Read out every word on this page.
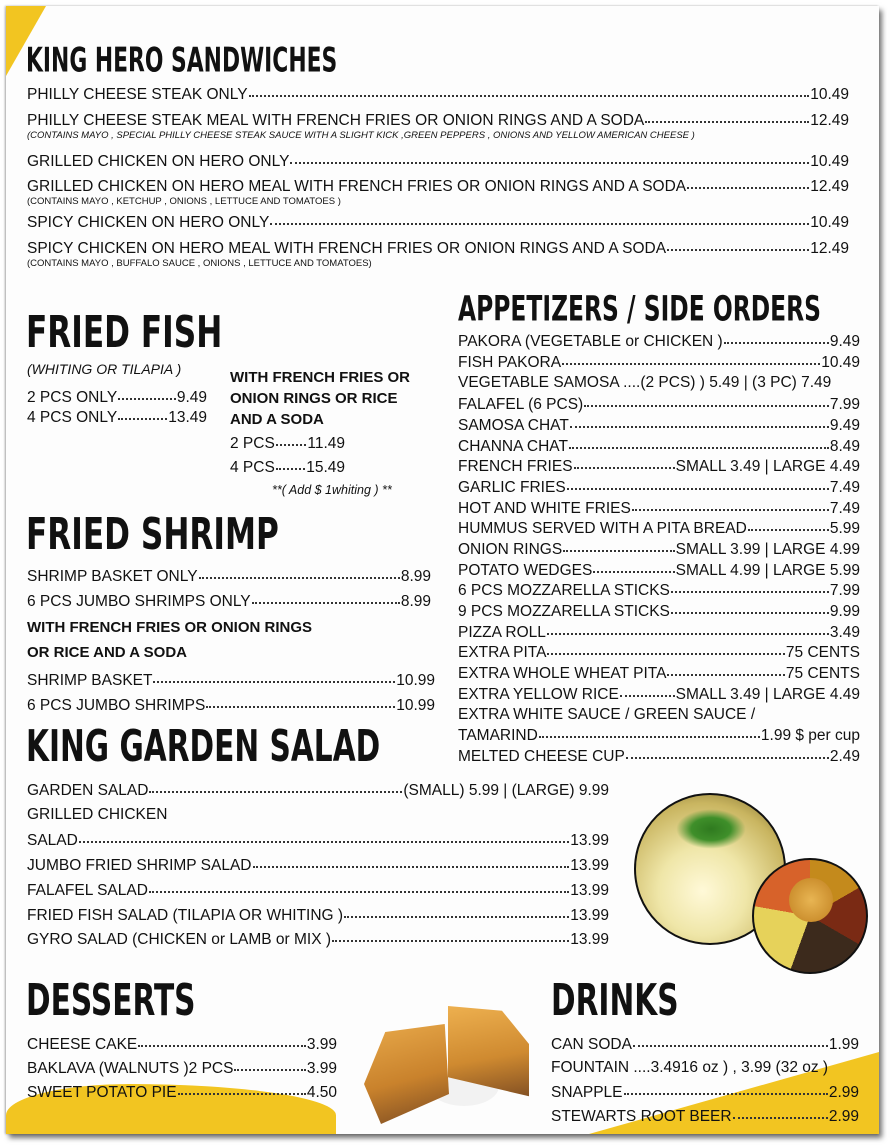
KING HERO SANDWICHES
PHILLY CHEESE STEAK ONLY	10.49
PHILLY CHEESE STEAK MEAL WITH FRENCH FRIES OR ONION RINGS AND A SODA	12.49
(CONTAINS MAYO , SPECIAL PHILLY CHEESE STEAK SAUCE WITH A SLIGHT KICK ,GREEN PEPPERS , ONIONS AND YELLOW AMERICAN CHEESE )
GRILLED CHICKEN ON HERO ONLY	10.49
GRILLED CHICKEN ON HERO MEAL WITH FRENCH FRIES OR ONION RINGS AND A SODA	12.49
(CONTAINS MAYO , KETCHUP , ONIONS , LETTUCE AND TOMATOES )
SPICY CHICKEN ON HERO ONLY	10.49
SPICY CHICKEN ON HERO MEAL WITH FRENCH FRIES OR ONION RINGS AND A SODA	12.49
(CONTAINS MAYO , BUFFALO SAUCE , ONIONS , LETTUCE AND TOMATOES)
FRIED FISH
(WHITING OR TILAPIA )
2 PCS ONLY	9.49
4 PCS ONLY	13.49
WITH FRENCH FRIES OR
ONION RINGS OR RICE
AND A SODA
2 PCS 11.49
4 PCS 15.49
**( Add $ 1whiting ) **
FRIED SHRIMP
SHRIMP BASKET ONLY	8.99
6 PCS JUMBO SHRIMPS ONLY	8.99
WITH FRENCH FRIES OR ONION RINGS
OR RICE AND A SODA
SHRIMP BASKET	10.99
6 PCS JUMBO SHRIMPS	10.99
APPETIZERS / SIDE ORDERS
PAKORA (VEGETABLE or CHICKEN )	9.49
FISH PAKORA	10.49
VEGETABLE SAMOSA ....(2 PCS) ) 5.49 | (3 PC) 7.49
FALAFEL (6 PCS)	7.99
SAMOSA CHAT	9.49
CHANNA CHAT	8.49
FRENCH FRIES	SMALL 3.49 | LARGE 4.49
GARLIC FRIES	7.49
HOT AND WHITE FRIES	7.49
HUMMUS SERVED WITH A PITA BREAD	5.99
ONION RINGS	SMALL 3.99 | LARGE 4.99
POTATO WEDGES	SMALL 4.99 | LARGE 5.99
6 PCS MOZZARELLA STICKS	7.99
9 PCS MOZZARELLA STICKS	9.99
PIZZA ROLL	3.49
EXTRA PITA	75 CENTS
EXTRA WHOLE WHEAT PITA	75 CENTS
EXTRA YELLOW RICE	SMALL 3.49 | LARGE 4.49
EXTRA WHITE SAUCE / GREEN SAUCE /
TAMARIND	1.99 $ per cup
MELTED CHEESE CUP	2.49
KING GARDEN SALAD
GARDEN SALAD	(SMALL) 5.99 | (LARGE) 9.99
GRILLED CHICKEN
SALAD	13.99
JUMBO FRIED SHRIMP SALAD	13.99
FALAFEL SALAD	13.99
FRIED FISH SALAD (TILAPIA OR WHITING )	13.99
GYRO SALAD (CHICKEN or LAMB or MIX )	13.99
DESSERTS
CHEESE CAKE	3.99
BAKLAVA (WALNUTS )2 PCS	3.99
SWEET POTATO PIE	4.50
DRINKS
CAN SODA	1.99
FOUNTAIN ....3.4916 oz ) , 3.99 (32 oz )
SNAPPLE	2.99
STEWARTS ROOT BEER	2.99
